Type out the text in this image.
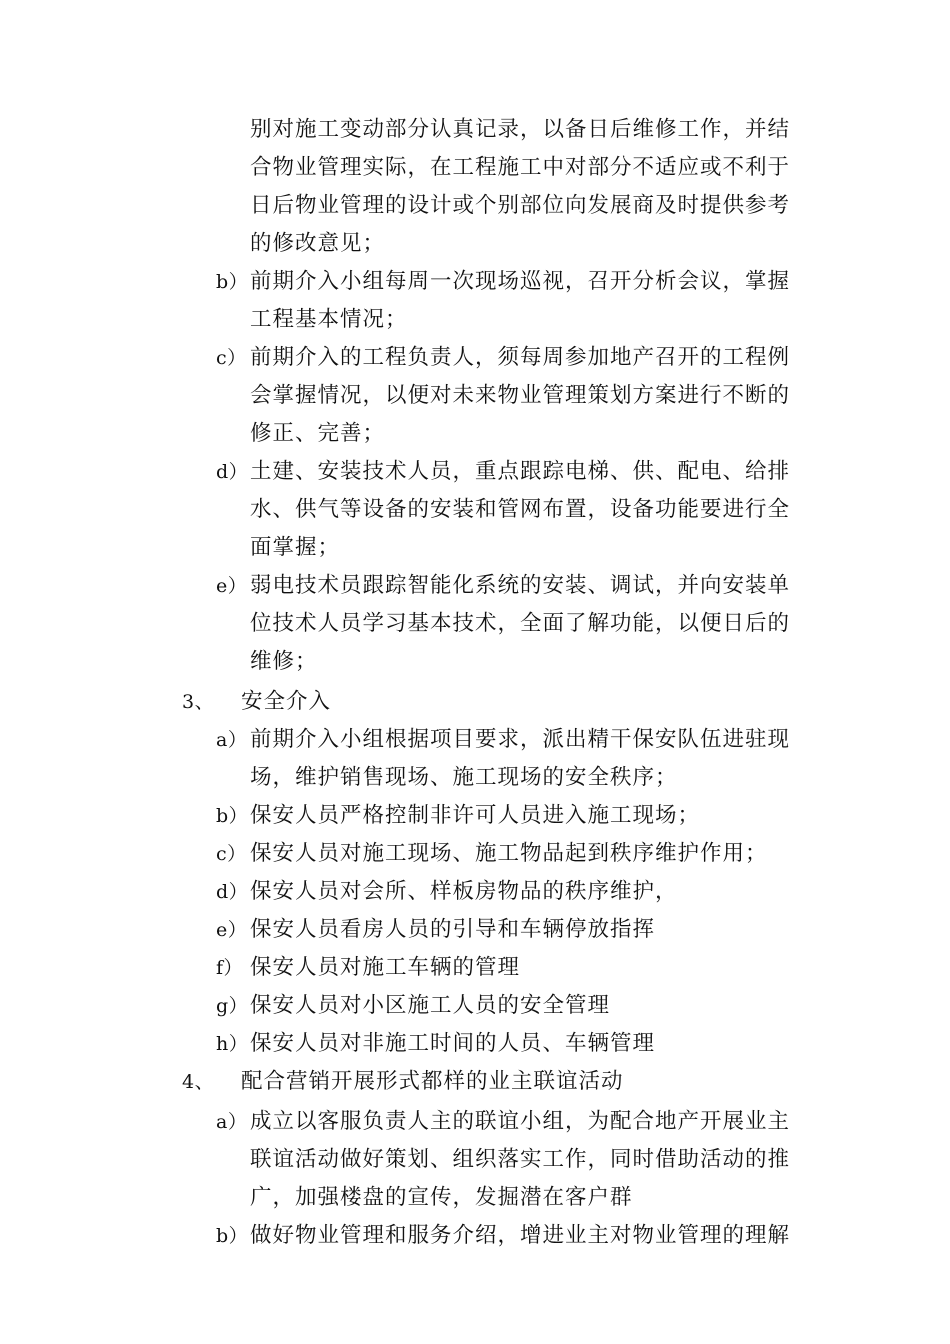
别对施工变动部分认真记录，以备日后维修工作，并结
合物业管理实际，在工程施工中对部分不适应或不利于
日后物业管理的设计或个别部位向发展商及时提供参考
的修改意见；
b） 前期介入小组每周一次现场巡视，召开分析会议，掌握
工程基本情况；
c） 前期介入的工程负责人，须每周参加地产召开的工程例
会掌握情况，以便对未来物业管理策划方案进行不断的
修正、完善；
d） 土建、安装技术人员，重点跟踪电梯、供、配电、给排
水、供气等设备的安装和管网布置，设备功能要进行全
面掌握；
e） 弱电技术员跟踪智能化系统的安装、调试，并向安装单
位技术人员学习基本技术，全面了解功能，以便日后的
维修；
3、 安全介入
a） 前期介入小组根据项目要求，派出精干保安队伍进驻现
场，维护销售现场、施工现场的安全秩序；
b） 保安人员严格控制非许可人员进入施工现场；
c） 保安人员对施工现场、施工物品起到秩序维护作用；
d） 保安人员对会所、样板房物品的秩序维护，
e） 保安人员看房人员的引导和车辆停放指挥
f） 保安人员对施工车辆的管理
g） 保安人员对小区施工人员的安全管理
h） 保安人员对非施工时间的人员、车辆管理
4、 配合营销开展形式都样的业主联谊活动
a） 成立以客服负责人主的联谊小组，为配合地产开展业主
联谊活动做好策划、组织落实工作，同时借助活动的推
广，加强楼盘的宣传，发掘潜在客户群
b） 做好物业管理和服务介绍，增进业主对物业管理的理解
